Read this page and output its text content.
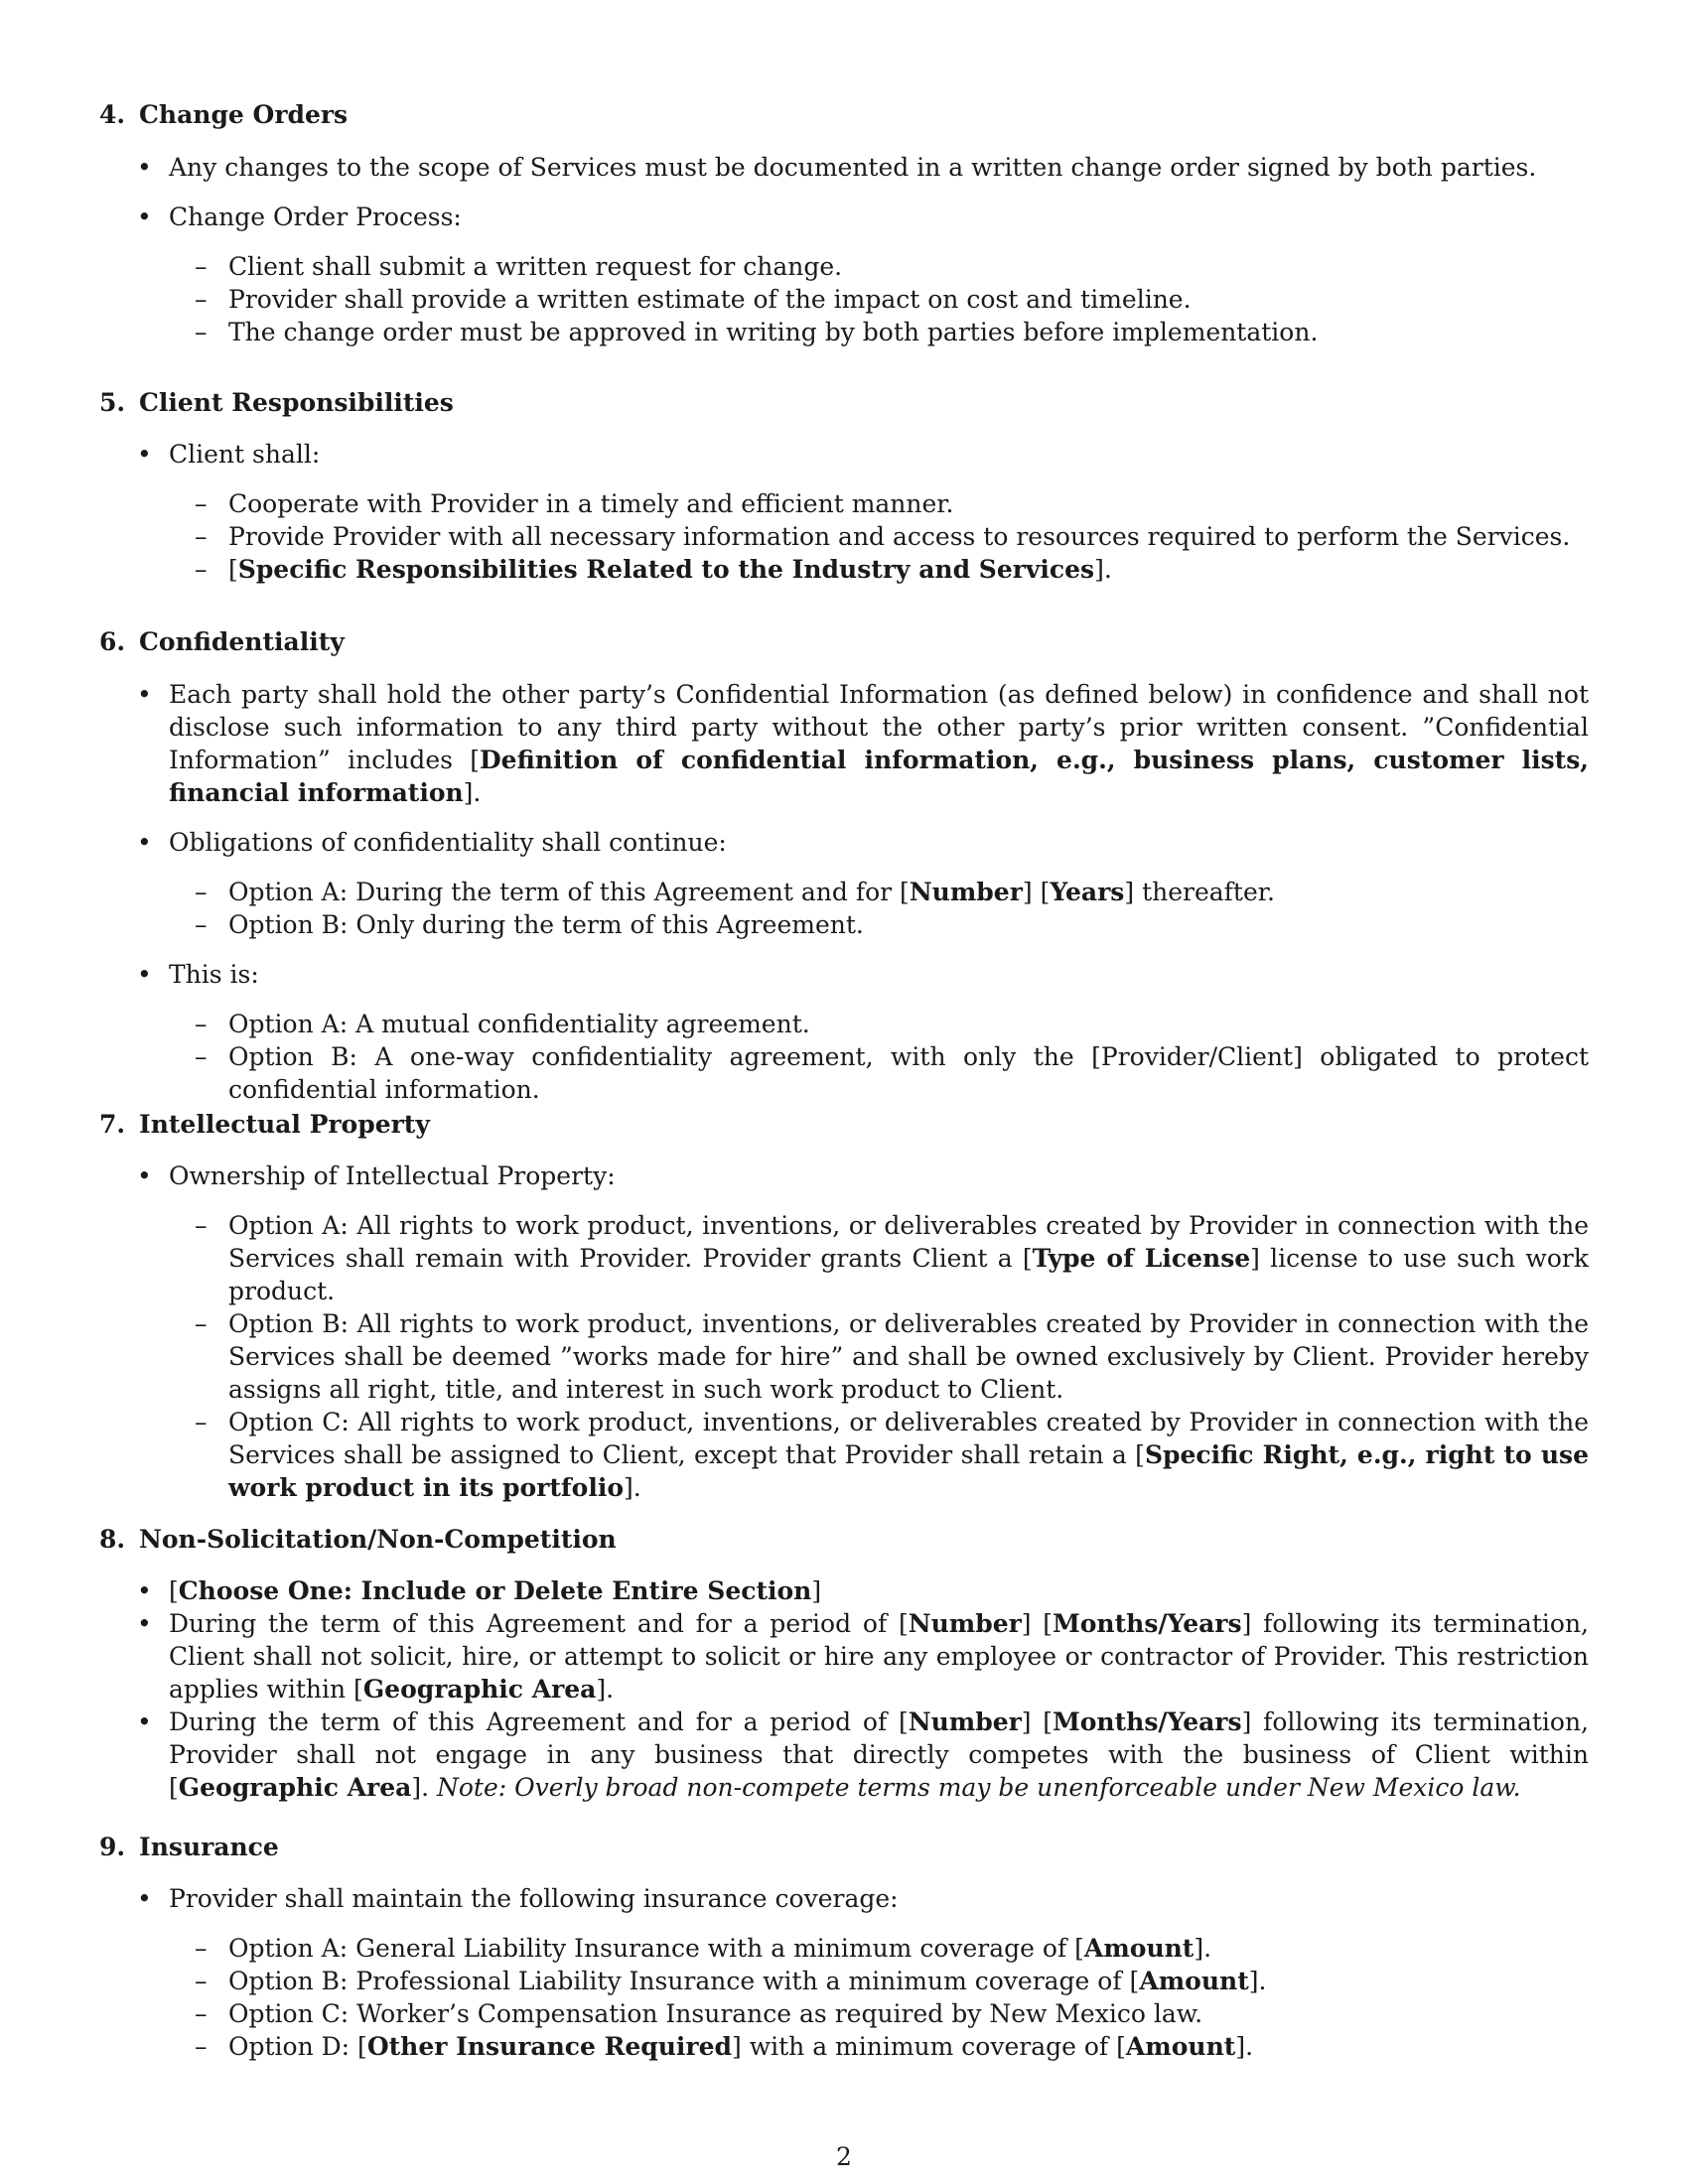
4. Change Orders
• Any changes to the scope of Services must be documented in a written change order signed by both parties.
• Change Order Process:
– Client shall submit a written request for change.
– Provider shall provide a written estimate of the impact on cost and timeline.
– The change order must be approved in writing by both parties before implementation.
5. Client Responsibilities
• Client shall:
– Cooperate with Provider in a timely and efficient manner.
– Provide Provider with all necessary information and access to resources required to perform the Services.
– [Specific Responsibilities Related to the Industry and Services].
6. Confidentiality
• Each party shall hold the other party’s Confidential Information (as defined below) in confidence and shall not disclose such information to any third party without the other party’s prior written consent. ”Confidential Information” includes [Definition of confidential information, e.g., business plans, customer lists, financial information].
• Obligations of confidentiality shall continue:
– Option A: During the term of this Agreement and for [Number] [Years] thereafter.
– Option B: Only during the term of this Agreement.
• This is:
– Option A: A mutual confidentiality agreement.
– Option B: A one-way confidentiality agreement, with only the [Provider/Client] obligated to protect confidential information.
7. Intellectual Property
• Ownership of Intellectual Property:
– Option A: All rights to work product, inventions, or deliverables created by Provider in connection with the Services shall remain with Provider. Provider grants Client a [Type of License] license to use such work product.
– Option B: All rights to work product, inventions, or deliverables created by Provider in connection with the Services shall be deemed ”works made for hire” and shall be owned exclusively by Client. Provider hereby assigns all right, title, and interest in such work product to Client.
– Option C: All rights to work product, inventions, or deliverables created by Provider in connection with the Services shall be assigned to Client, except that Provider shall retain a [Specific Right, e.g., right to use work product in its portfolio].
8. Non-Solicitation/Non-Competition
• [Choose One: Include or Delete Entire Section]
• During the term of this Agreement and for a period of [Number] [Months/Years] following its termination, Client shall not solicit, hire, or attempt to solicit or hire any employee or contractor of Provider. This restriction applies within [Geographic Area].
• During the term of this Agreement and for a period of [Number] [Months/Years] following its termination, Provider shall not engage in any business that directly competes with the business of Client within [Geographic Area]. Note: Overly broad non-compete terms may be unenforceable under New Mexico law.
9. Insurance
• Provider shall maintain the following insurance coverage:
– Option A: General Liability Insurance with a minimum coverage of [Amount].
– Option B: Professional Liability Insurance with a minimum coverage of [Amount].
– Option C: Worker’s Compensation Insurance as required by New Mexico law.
– Option D: [Other Insurance Required] with a minimum coverage of [Amount].
2
